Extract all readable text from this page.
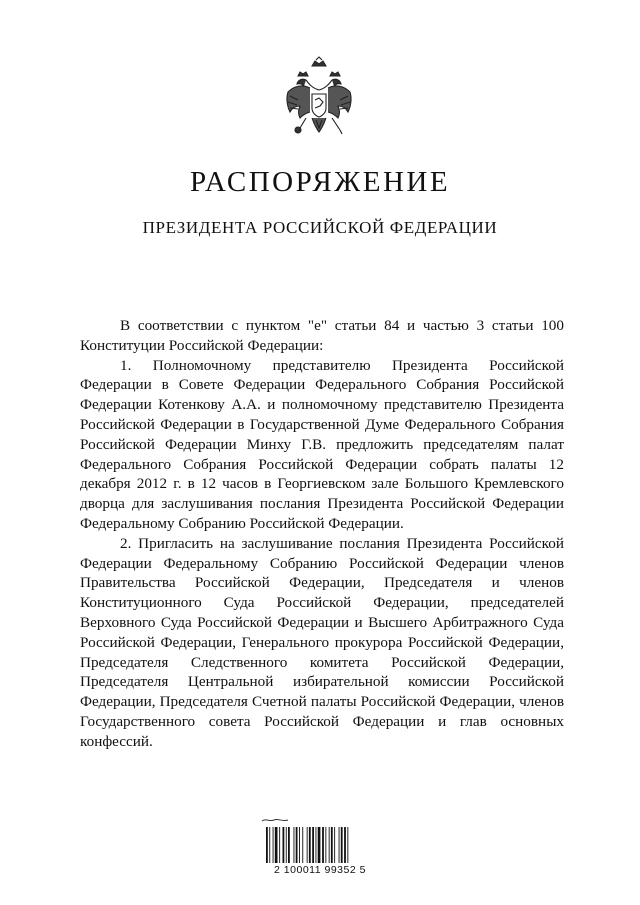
РАСПОРЯЖЕНИЕ
ПРЕЗИДЕНТА РОССИЙСКОЙ ФЕДЕРАЦИИ

В соответствии с пунктом "е" статьи 84 и частью 3 статьи 100 Конституции Российской Федерации:

1. Полномочному представителю Президента Российской Федерации в Совете Федерации Федерального Собрания Российской Федерации Котенкову А.А. и полномочному представителю Президента Российской Федерации в Государственной Думе Федерального Собрания Российской Федерации Минху Г.В. предложить председателям палат Федерального Собрания Российской Федерации собрать палаты 12 декабря 2012 г. в 12 часов в Георгиевском зале Большого Кремлевского дворца для заслушивания послания Президента Российской Федерации Федеральному Собранию Российской Федерации.

2. Пригласить на заслушивание послания Президента Российской Федерации Федеральному Собранию Российской Федерации членов Правительства Российской Федерации, Председателя и членов Конституционного Суда Российской Федерации, председателей Верховного Суда Российской Федерации и Высшего Арбитражного Суда Российской Федерации, Генерального прокурора Российской Федерации, Председателя Следственного комитета Российской Федерации, Председателя Центральной избирательной комиссии Российской Федерации, Председателя Счетной палаты Российской Федерации, членов Государственного совета Российской Федерации и глав основных конфессий.

2 100011 99352 5
